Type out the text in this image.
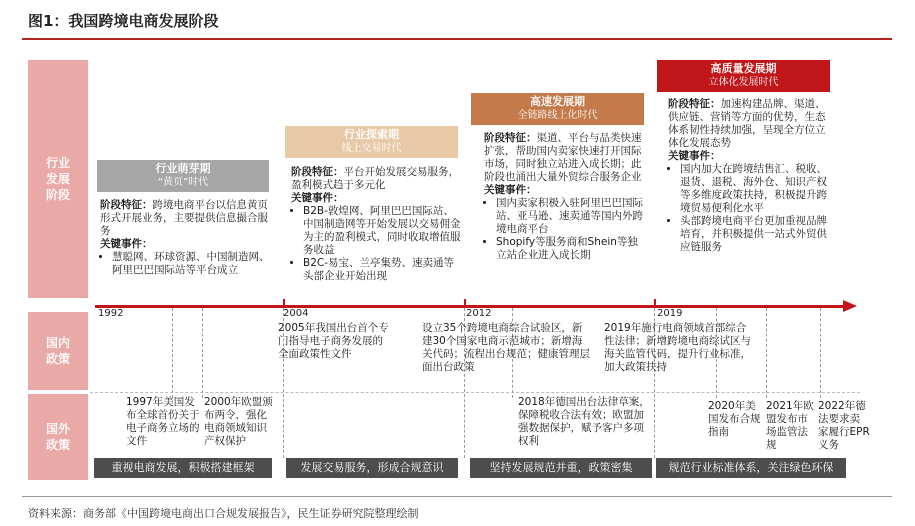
图1：我国跨境电商发展阶段
行业发展阶段
国内政策
国外政策
行业萌芽期
“黄页”时代
行业探索期
线上交易时代
高速发展期
全链路线上化时代
高质量发展期
立体化发展时代
阶段特征：跨境电商平台以信息黄页形式开展业务，主要提供信息撮合服务
关键事件：
• 慧聪网、环球资源、中国制造网、阿里巴巴国际站等平台成立
阶段特征：平台开始发展交易服务，盈利模式趋于多元化
关键事件：
• B2B-敦煌网、阿里巴巴国际站、中国制造网等开始发展以交易佣金为主的盈利模式，同时收取增值服务收益
• B2C-易宝、兰亭集势、速卖通等头部企业开始出现
阶段特征：渠道、平台与品类快速扩张，帮助国内卖家快速打开国际市场，同时独立站进入成长期；此阶段也涌出大量外贸综合服务企业
关键事件：
• 国内卖家积极入驻阿里巴巴国际站、亚马逊、速卖通等国内外跨境电商平台
• Shopify等服务商和Shein等独立站企业进入成长期
阶段特征：加速构建品牌、渠道、供应链、营销等方面的优势，生态体系韧性持续加强，呈现全方位立体化发展态势
关键事件：
• 国内加大在跨境结售汇、税收、退货、退税、海外仓、知识产权等多维度政策扶持，积极提升跨境贸易便利化水平
• 头部跨境电商平台更加重视品牌培育，并积极提供一站式外贸供应链服务
1992	2004	2012	2019
2005年我国出台首个专门指导电子商务发展的全面政策性文件
设立35个跨境电商综合试验区，新建30个国家电商示范城市；新增海关代码；流程出台规范；健康管理层面出台政策
2019年施行电商领域首部综合性法律；新增跨境电商综试区与海关监管代码，提升行业标准，加大政策扶持
1997年美国发布全球首份关于电子商务立场的文件
2000年欧盟颁布两令，强化电商领域知识产权保护
2018年德国出台法律草案，保障税收合法有效；欧盟加强数据保护，赋予客户多项权利
2020年美国发布合规指南
2021年欧盟发布市场监管法规
2022年德法要求卖家履行EPR义务
重视电商发展，积极搭建框架	发展交易服务，形成合规意识	坚持发展规范并重，政策密集	规范行业标准体系，关注绿色环保
资料来源：商务部《中国跨境电商出口合规发展报告》，民生证券研究院整理绘制
